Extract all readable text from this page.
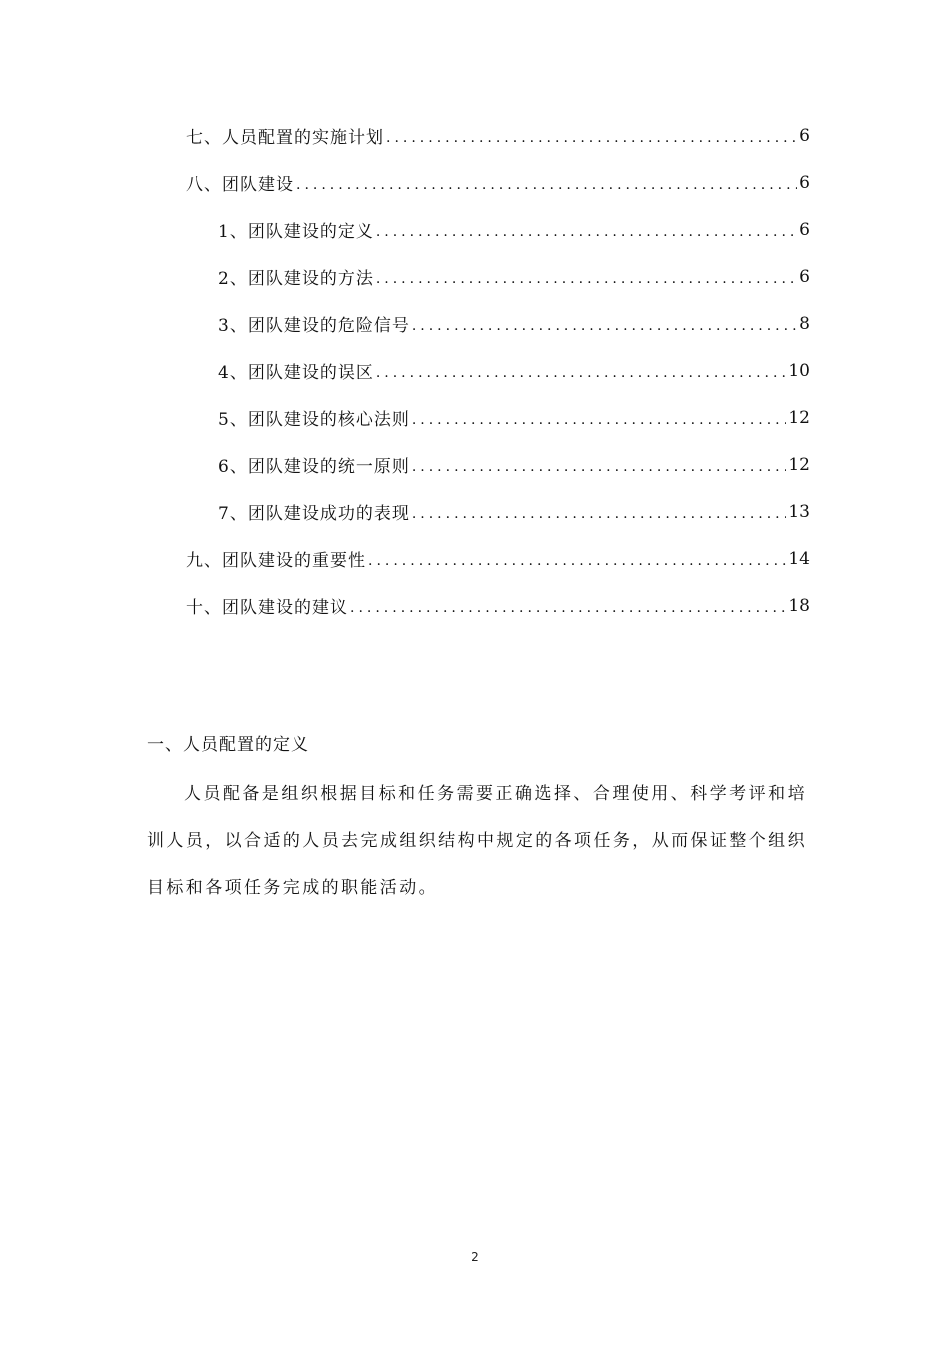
七、人员配置的实施计划 .....	6
八、团队建设 .....	6
1、团队建设的定义 .....	6
2、团队建设的方法 .....	6
3、团队建设的危险信号 .....	8
4、团队建设的误区 .....	10
5、团队建设的核心法则 .....	12
6、团队建设的统一原则 .....	12
7、团队建设成功的表现 .....	13
九、团队建设的重要性 .....	14
十、团队建设的建议 .....	18
一、人员配置的定义
人员配备是组织根据目标和任务需要正确选择、合理使用、科学考评和培训人员，以合适的人员去完成组织结构中规定的各项任务，从而保证整个组织目标和各项任务完成的职能活动。
2
